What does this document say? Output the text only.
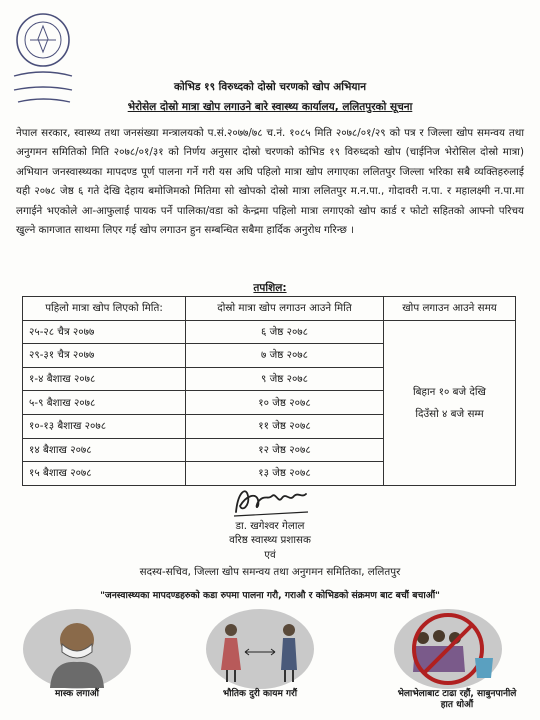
कोभिड १९ विरुध्दको दोस्रो चरणको खोप अभियान
भेरोसेल दोस्रो मात्रा खोप लगाउने बारे स्वास्थ्य कार्यालय, ललितपुरको सूचना
नेपाल सरकार, स्वास्थ्य तथा जनसंख्या मन्त्रालयको प.सं.२०७७/७८ च.नं. १०८५ मिति २०७८/०१/२९ को पत्र र जिल्ला खोप समन्वय तथा अनुगमन समितिको मिति २०७८/०१/३१ को निर्णय अनुसार दोस्रो चरणको कोभिड १९ विरुध्दको खोप (चाईनिज भेरोसिल दोस्रो मात्रा) अभियान जनस्वास्थ्यका मापदण्ड पूर्ण पालना गर्ने गरी यस अघि पहिलो मात्रा खोप लगाएका ललितपुर जिल्ला भरिका सबै व्यक्तिहरुलाई यही २०७८ जेष्ठ ६ गते देखि देहाय बमोजिमको मितिमा सो खोपको दोस्रो मात्रा ललितपुर म.न.पा., गोदावरी न.पा. र महालक्ष्मी न.पा.मा लगाईने भएकोले आ-आफुलाई पायक पर्ने पालिका/वडा को केन्द्रमा पहिलो मात्रा लगाएको खोप कार्ड र फोटो सहितको आफ्नो परिचय खुल्ने कागजात साथमा लिएर गई खोप लगाउन हुन सम्बन्धित सबैमा हार्दिक अनुरोध गरिन्छ ।
तपशिल:
पहिलो मात्रा खोप लिएको मिति:	दोस्रो मात्रा खोप लगाउन आउने मिति	खोप लगाउन आउने समय
२५-२८ चैत्र २०७७	६ जेष्ठ २०७८	बिहान १० बजे देखि
दिउँसो ४ बजे सम्म

२९-३१ चैत्र २०७७	७ जेष्ठ २०७८	
१-४ बैशाख २०७८	९ जेष्ठ २०७८	
५-९ बैशाख २०७८	१० जेष्ठ २०७८	
१०-१३ बैशाख २०७८	११ जेष्ठ २०७८	
१४ बैशाख २०७८	१२ जेष्ठ २०७८	
१५ बैशाख २०७८	१३ जेष्ठ २०७८	
डा. खगेश्वर गेलाल
वरिष्ठ स्वास्थ्य प्रशासक
एवं
सदस्य-सचिव, जिल्ला खोप समन्वय तथा अनुगमन समितिका, ललितपुर
"जनस्वास्थ्यका मापदण्डहरुको कडा रुपमा पालना गरौ, गराऔ र कोभिडको संक्रमण बाट बचौं बचाऔं"
मास्क लगाऔं	भौतिक दुरी कायम गरौं	भेलाभेलाबाट टाढा रहौं, साबुनपानीले हात धोऔं
